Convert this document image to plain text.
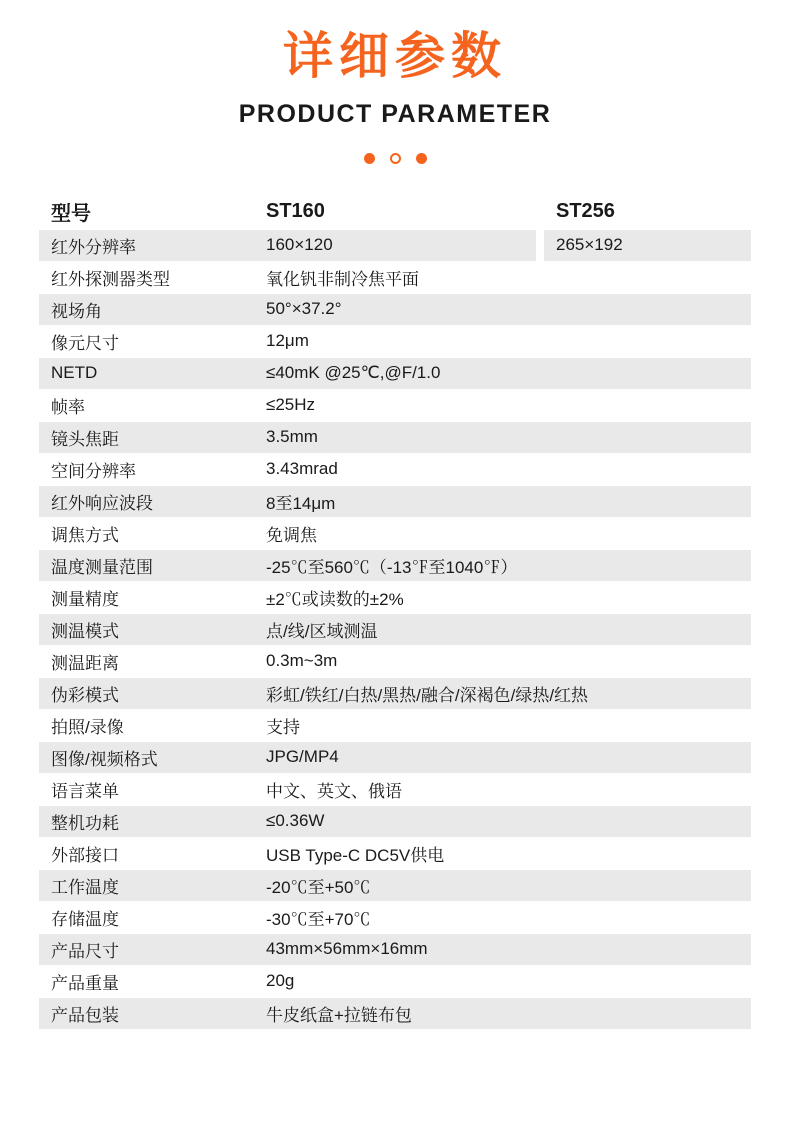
详细参数
PRODUCT PARAMETER
型号	ST160		ST256

红外分辨率	160×120		265×192

红外探测器类型	氧化钒非制冷焦平面		

视场角	50°×37.2°		

像元尺寸	12μm		

NETD	≤40mK @25℃,@F/1.0		

帧率	≤25Hz		

镜头焦距	3.5mm		

空间分辨率	3.43mrad		

红外响应波段	8至14μm		

调焦方式	免调焦		

温度测量范围	-25℃至560℃（-13℉至1040℉）		

测量精度	±2℃或读数的±2%		

测温模式	点/线/区域测温		

测温距离	0.3m~3m		

伪彩模式	彩虹/铁红/白热/黑热/融合/深褐色/绿热/红热		

拍照/录像	支持		

图像/视频格式	JPG/MP4		

语言菜单	中文、英文、俄语		

整机功耗	≤0.36W		

外部接口	USB Type-C DC5V供电		

工作温度	-20℃至+50℃		

存储温度	-30℃至+70℃		

产品尺寸	43mm×56mm×16mm		

产品重量	20g		

产品包装	牛皮纸盒+拉链布包		
